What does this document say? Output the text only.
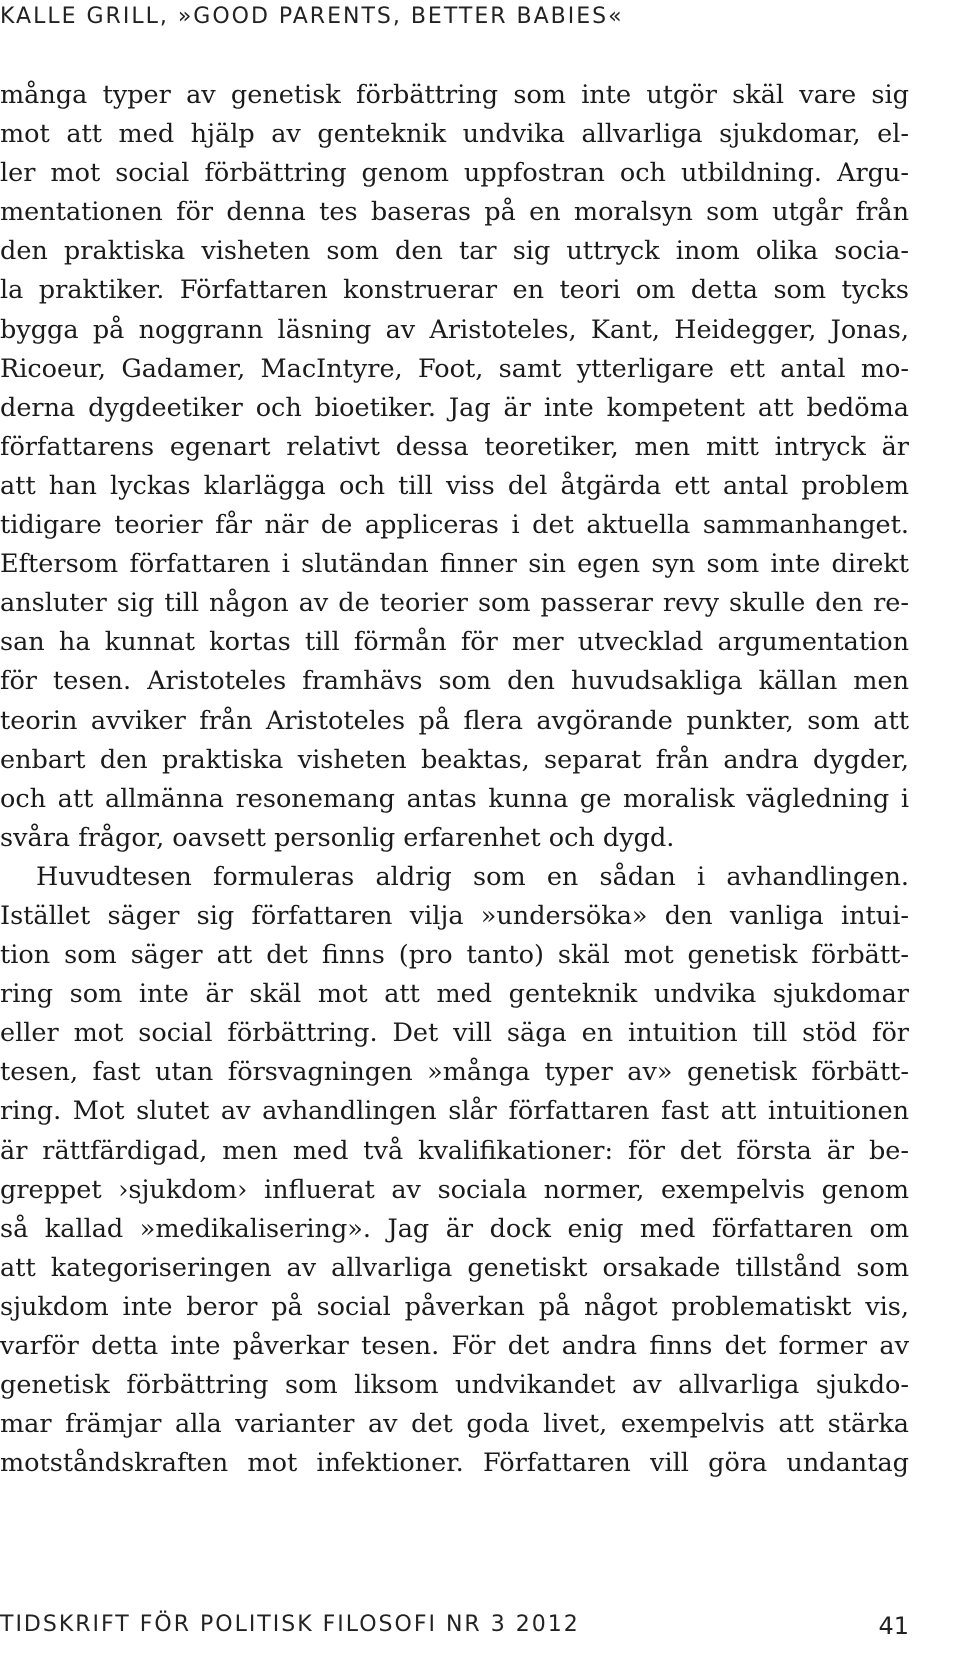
KALLE GRILL, »GOOD PARENTS, BETTER BABIES«
många typer av genetisk förbättring som inte utgör skäl vare sig
mot att med hjälp av genteknik undvika allvarliga sjukdomar, el-
ler mot social förbättring genom uppfostran och utbildning. Argu-
mentationen för denna tes baseras på en moralsyn som utgår från
den praktiska visheten som den tar sig uttryck inom olika socia-
la praktiker. Författaren konstruerar en teori om detta som tycks
bygga på noggrann läsning av Aristoteles, Kant, Heidegger, Jonas,
Ricoeur, Gadamer, MacIntyre, Foot, samt ytterligare ett antal mo-
derna dygdeetiker och bioetiker. Jag är inte kompetent att bedöma
författarens egenart relativt dessa teoretiker, men mitt intryck är
att han lyckas klarlägga och till viss del åtgärda ett antal problem
tidigare teorier får när de appliceras i det aktuella sammanhanget.
Eftersom författaren i slutändan finner sin egen syn som inte direkt
ansluter sig till någon av de teorier som passerar revy skulle den re-
san ha kunnat kortas till förmån för mer utvecklad argumentation
för tesen. Aristoteles framhävs som den huvudsakliga källan men
teorin avviker från Aristoteles på flera avgörande punkter, som att
enbart den praktiska visheten beaktas, separat från andra dygder,
och att allmänna resonemang antas kunna ge moralisk vägledning i
svåra frågor, oavsett personlig erfarenhet och dygd.
Huvudtesen formuleras aldrig som en sådan i avhandlingen.
Istället säger sig författaren vilja »undersöka» den vanliga intui-
tion som säger att det finns (pro tanto) skäl mot genetisk förbätt-
ring som inte är skäl mot att med genteknik undvika sjukdomar
eller mot social förbättring. Det vill säga en intuition till stöd för
tesen, fast utan försvagningen »många typer av» genetisk förbätt-
ring. Mot slutet av avhandlingen slår författaren fast att intuitionen
är rättfärdigad, men med två kvalifikationer: för det första är be-
greppet ›sjukdom› influerat av sociala normer, exempelvis genom
så kallad »medikalisering». Jag är dock enig med författaren om
att kategoriseringen av allvarliga genetiskt orsakade tillstånd som
sjukdom inte beror på social påverkan på något problematiskt vis,
varför detta inte påverkar tesen. För det andra finns det former av
genetisk förbättring som liksom undvikandet av allvarliga sjukdo-
mar främjar alla varianter av det goda livet, exempelvis att stärka
motståndskraften mot infektioner. Författaren vill göra undantag
TIDSKRIFT FÖR POLITISK FILOSOFI NR 3 2012	41
